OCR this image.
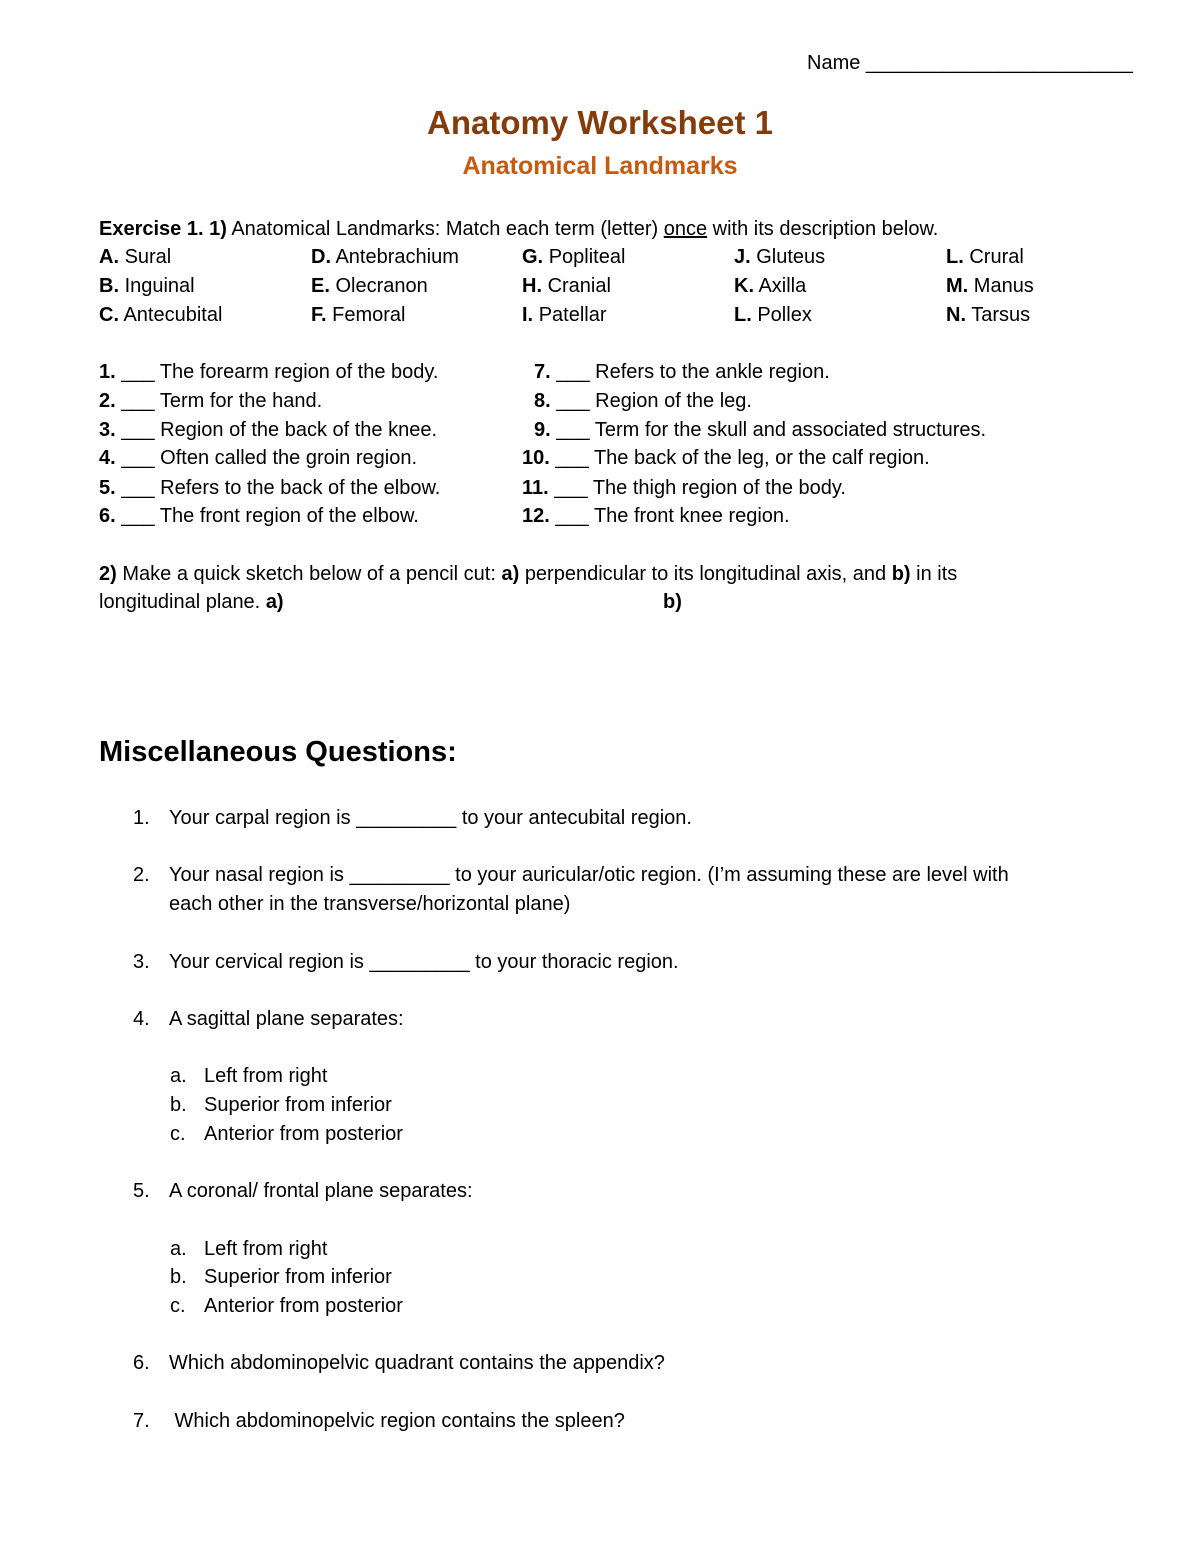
Name ________________________
Anatomy Worksheet 1
Anatomical Landmarks
Exercise 1. 1) Anatomical Landmarks: Match each term (letter) once with its description below.
A. Sural
B. Inguinal
C. Antecubital
D. Antebrachium
E. Olecranon
F. Femoral
G. Popliteal
H. Cranial
I. Patellar
J. Gluteus
K. Axilla
L. Pollex
L. Crural
M. Manus
N. Tarsus
1. ___ The forearm region of the body.
2. ___ Term for the hand.
3. ___ Region of the back of the knee.
4. ___ Often called the groin region.
5. ___ Refers to the back of the elbow.
6. ___ The front region of the elbow.
7. ___ Refers to the ankle region.
8. ___ Region of the leg.
9. ___ Term for the skull and associated structures.
10. ___ The back of the leg, or the calf region.
11. ___ The thigh region of the body.
12. ___ The front knee region.
2) Make a quick sketch below of a pencil cut: a) perpendicular to its longitudinal axis, and b) in its
longitudinal plane. a)	b)
Miscellaneous Questions:
1. Your carpal region is _________ to your antecubital region.
2. Your nasal region is _________ to your auricular/otic region. (I’m assuming these are level with
each other in the transverse/horizontal plane)
3. Your cervical region is _________ to your thoracic region.
4. A sagittal plane separates:
a. Left from right
b. Superior from inferior
c. Anterior from posterior
5. A coronal/ frontal plane separates:
a. Left from right
b. Superior from inferior
c. Anterior from posterior
6. Which abdominopelvic quadrant contains the appendix?
7. Which abdominopelvic region contains the spleen?
